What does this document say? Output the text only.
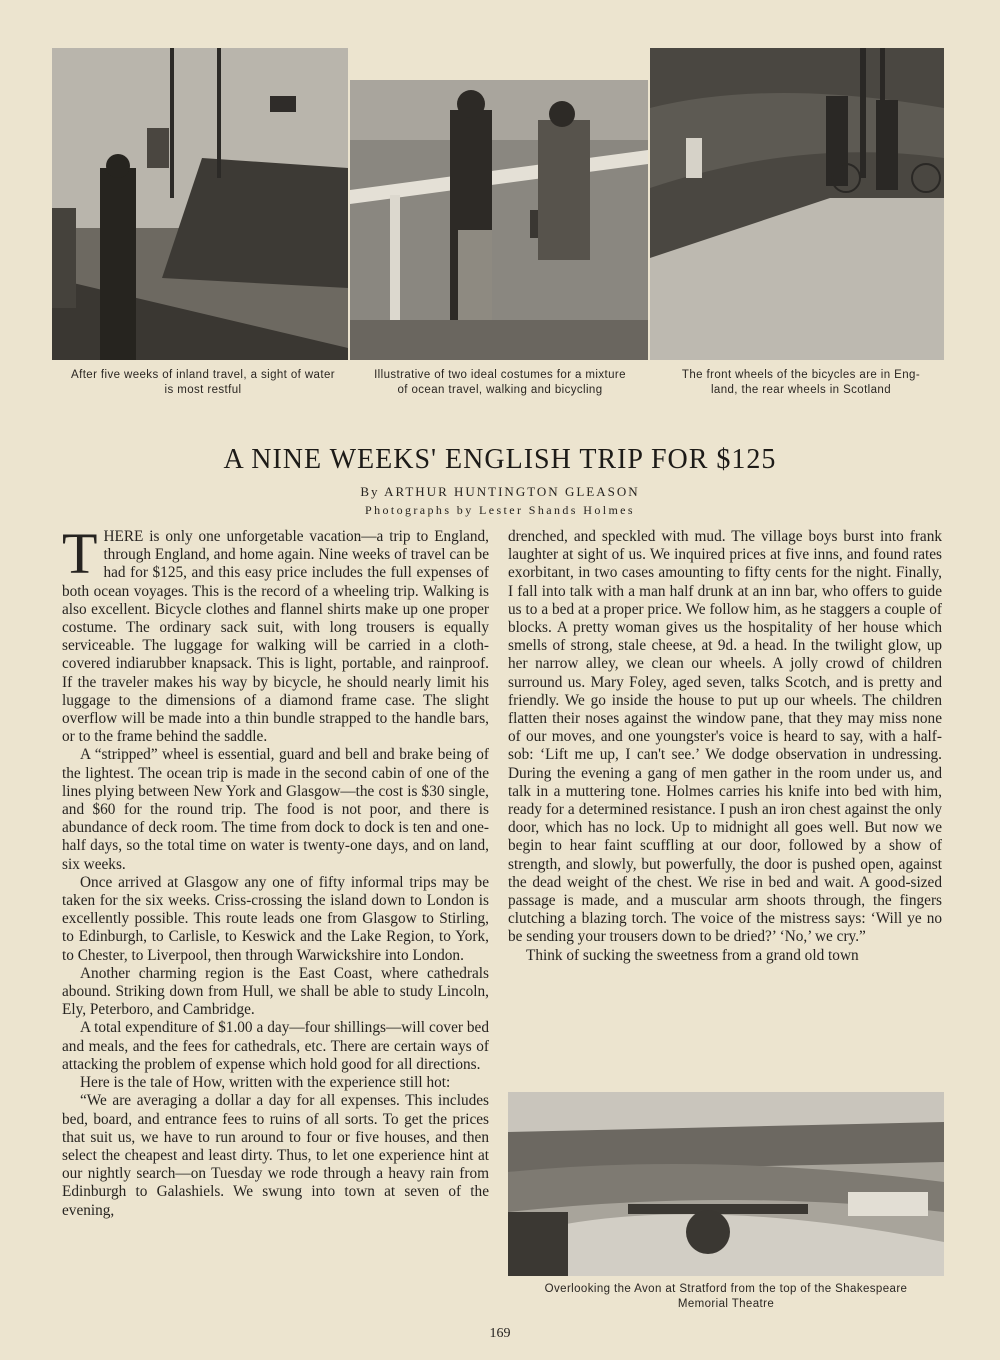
After five weeks of inland travel, a sight of water
is most restful
Illustrative of two ideal costumes for a mixture
of ocean travel, walking and bicycling
The front wheels of the bicycles are in Eng-
land, the rear wheels in Scotland
A NINE WEEKS' ENGLISH TRIP FOR $125
By ARTHUR HUNTINGTON GLEASON
Photographs by Lester Shands Holmes

THERE is only one unforgetable vacation—a trip to England, through England, and home again. Nine weeks of travel can be had for $125, and this easy price includes the full expenses of both ocean voyages. This is the record of a wheeling trip. Walking is also excellent. Bicycle clothes and flannel shirts make up one proper costume. The ordinary sack suit, with long trousers is equally serviceable. The luggage for walking will be carried in a cloth-covered indiarubber knapsack. This is light, portable, and rainproof. If the traveler makes his way by bicycle, he should nearly limit his luggage to the dimensions of a diamond frame case. The slight overflow will be made into a thin bundle strapped to the handle bars, or to the frame behind the saddle.

A “stripped” wheel is essential, guard and bell and brake being of the lightest. The ocean trip is made in the second cabin of one of the lines plying between New York and Glasgow—the cost is $30 single, and $60 for the round trip. The food is not poor, and there is abundance of deck room. The time from dock to dock is ten and one-half days, so the total time on water is twenty-one days, and on land, six weeks.

Once arrived at Glasgow any one of fifty informal trips may be taken for the six weeks. Criss-crossing the island down to London is excellently possible. This route leads one from Glasgow to Stirling, to Edinburgh, to Carlisle, to Keswick and the Lake Region, to York, to Chester, to Liverpool, then through Warwickshire into London.

Another charming region is the East Coast, where cathedrals abound. Striking down from Hull, we shall be able to study Lincoln, Ely, Peterboro, and Cambridge.

A total expenditure of $1.00 a day—four shillings—will cover bed and meals, and the fees for cathedrals, etc. There are certain ways of attacking the problem of expense which hold good for all directions.

Here is the tale of How, written with the experience still hot:

“We are averaging a dollar a day for all expenses. This includes bed, board, and entrance fees to ruins of all sorts. To get the prices that suit us, we have to run around to four or five houses, and then select the cheapest and least dirty. Thus, to let one experience hint at our nightly search—on Tuesday we rode through a heavy rain from Edinburgh to Galashiels. We swung into town at seven of the evening,

drenched, and speckled with mud. The village boys burst into frank laughter at sight of us. We inquired prices at five inns, and found rates exorbitant, in two cases amounting to fifty cents for the night. Finally, I fall into talk with a man half drunk at an inn bar, who offers to guide us to a bed at a proper price. We follow him, as he staggers a couple of blocks. A pretty woman gives us the hospitality of her house which smells of strong, stale cheese, at 9d. a head. In the twilight glow, up her narrow alley, we clean our wheels. A jolly crowd of children surround us. Mary Foley, aged seven, talks Scotch, and is pretty and friendly. We go inside the house to put up our wheels. The children flatten their noses against the window pane, that they may miss none of our moves, and one youngster's voice is heard to say, with a half-sob: ‘Lift me up, I can't see.’ We dodge observation in undressing. During the evening a gang of men gather in the room under us, and talk in a muttering tone. Holmes carries his knife into bed with him, ready for a determined resistance. I push an iron chest against the only door, which has no lock. Up to midnight all goes well. But now we begin to hear faint scuffling at our door, followed by a show of strength, and slowly, but powerfully, the door is pushed open, against the dead weight of the chest. We rise in bed and wait. A good-sized passage is made, and a muscular arm shoots through, the fingers clutching a blazing torch. The voice of the mistress says: ‘Will ye no be sending your trousers down to be dried?’ ‘No,’ we cry.”

Think of sucking the sweetness from a grand old town

Overlooking the Avon at Stratford from the top of the Shakespeare
Memorial Theatre
169
